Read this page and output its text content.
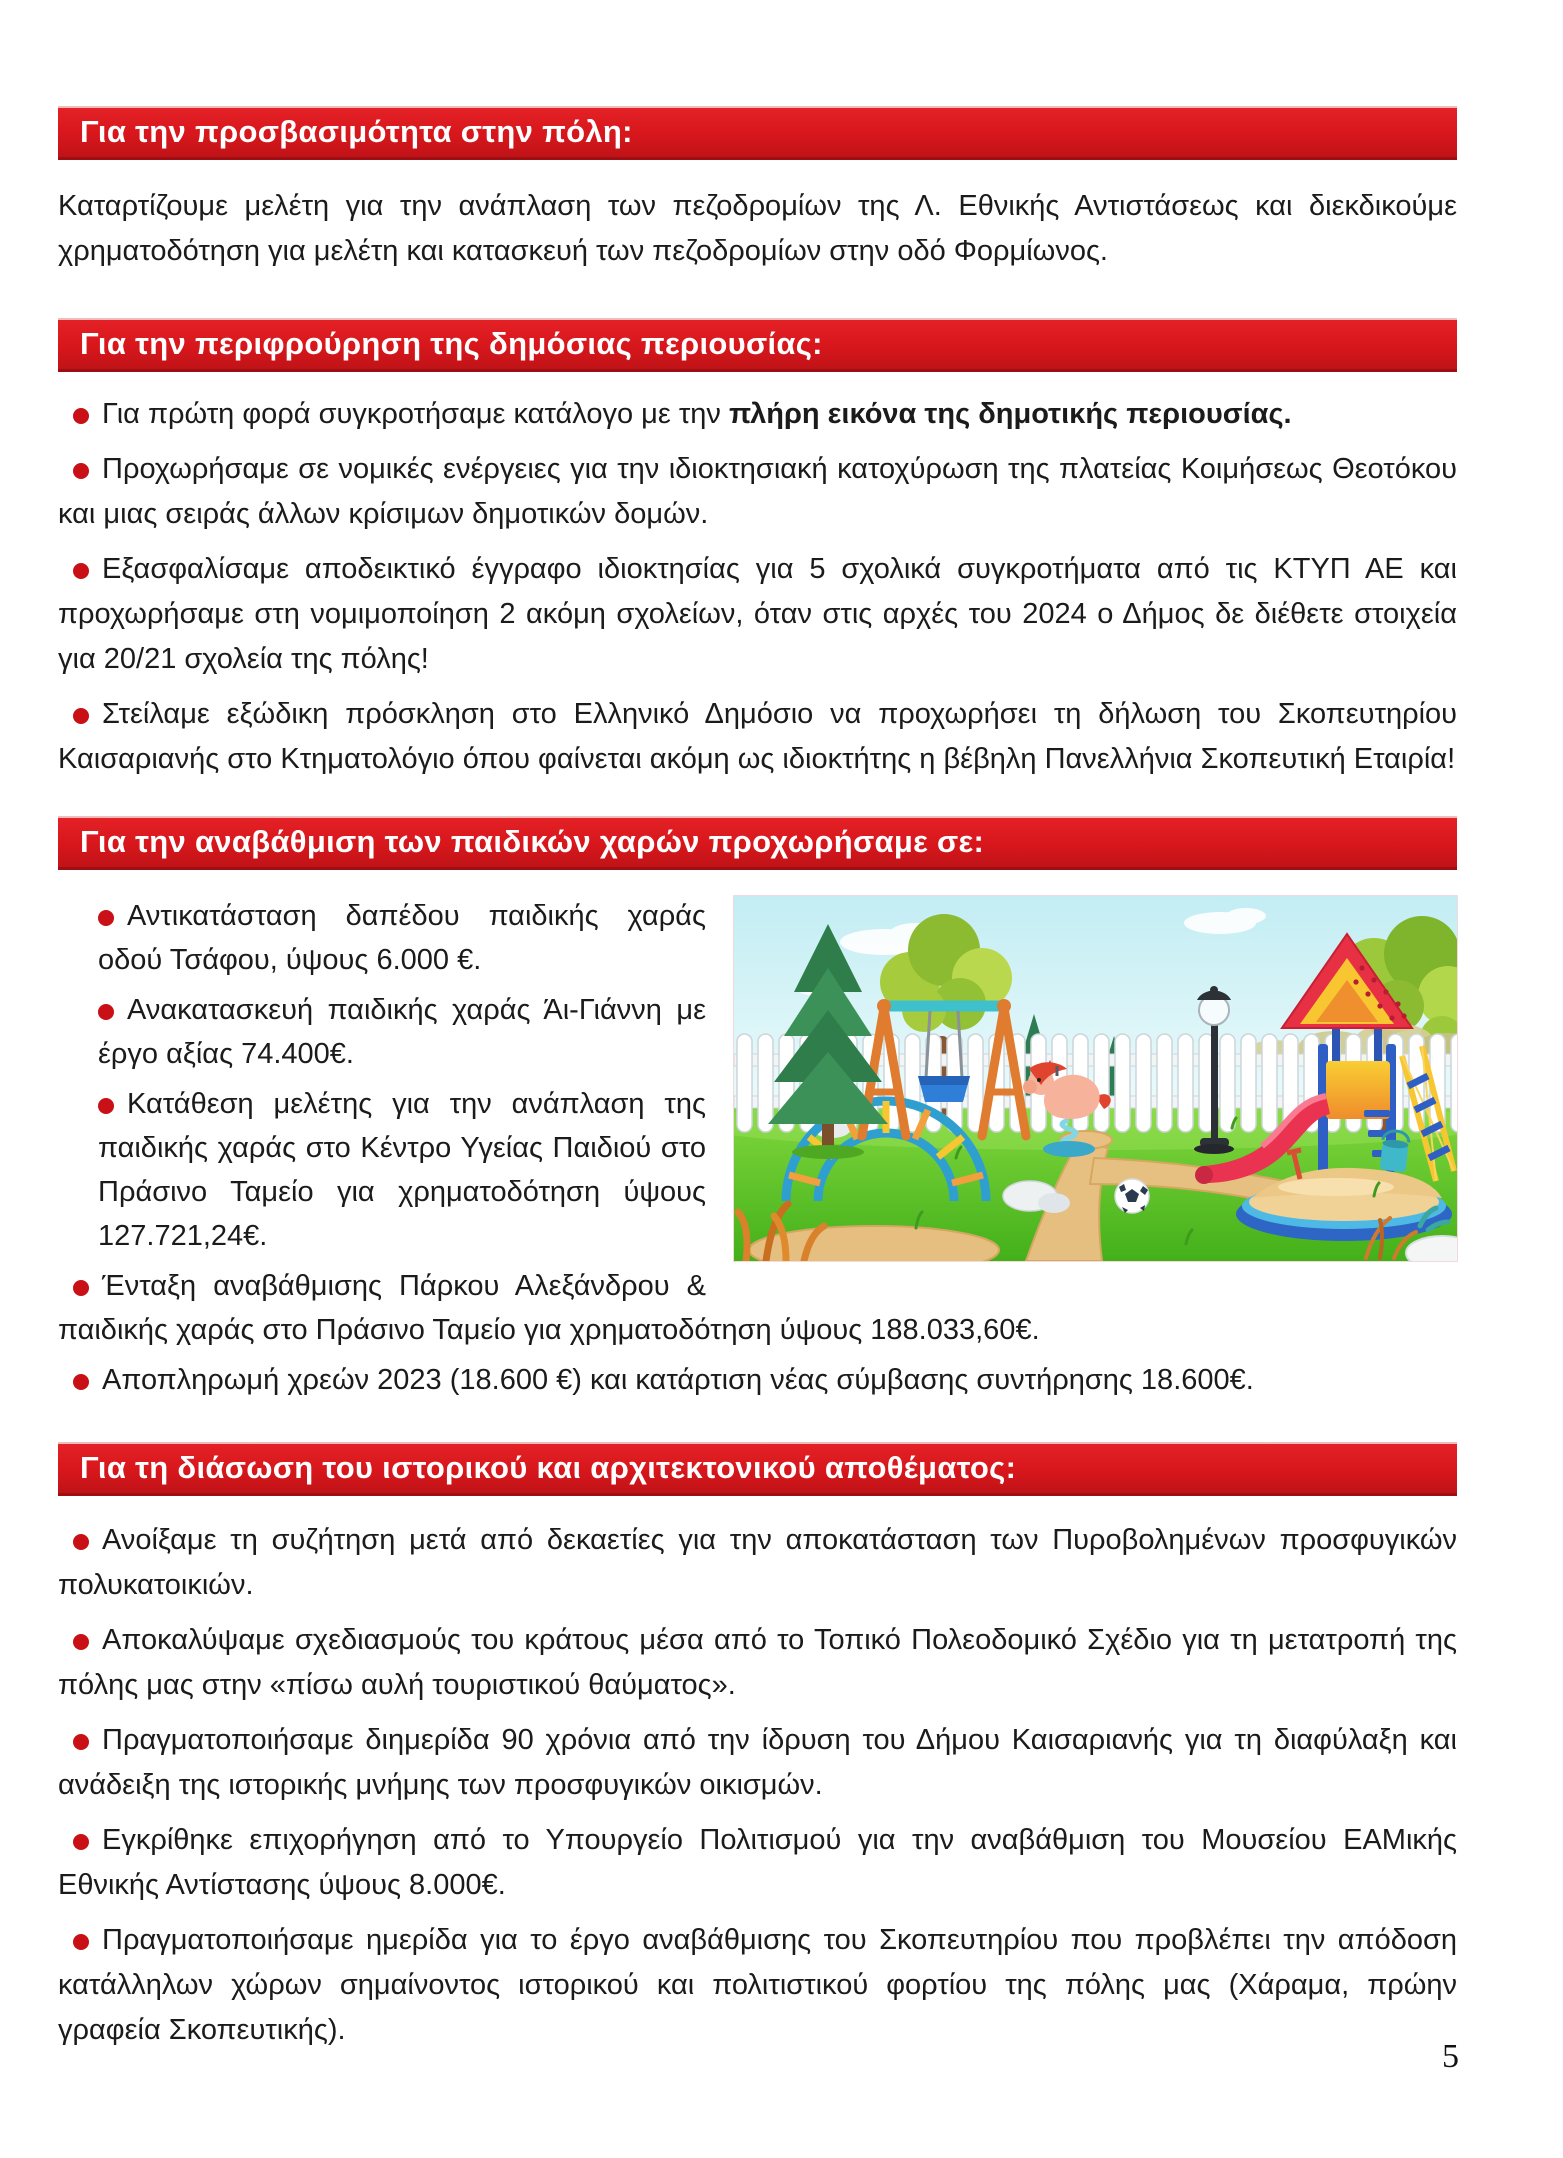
Για την προσβασιμότητα στην πόλη:

Καταρτίζουμε μελέτη για την ανάπλαση των πεζοδρομίων της Λ. Εθνικής Αντιστάσεως και διεκδικούμε χρηματοδότηση για μελέτη και κατασκευή των πεζοδρομίων στην οδό Φορμίωνος.

Για την περιφρούρηση της δημόσιας περιουσίας:

Για πρώτη φορά συγκροτήσαμε κατάλογο με την πλήρη εικόνα της δημοτικής περιουσίας.

Προχωρήσαμε σε νομικές ενέργειες για την ιδιοκτησιακή κατοχύρωση της πλατείας Κοιμήσεως Θεοτόκου και μιας σειράς άλλων κρίσιμων δημοτικών δομών.

Εξασφαλίσαμε αποδεικτικό έγγραφο ιδιοκτησίας για 5 σχολικά συγκροτήματα από τις ΚΤΥΠ ΑΕ και προχωρήσαμε στη νομιμοποίηση 2 ακόμη σχολείων, όταν στις αρχές του 2024 ο Δήμος δε διέθετε στοιχεία για 20/21 σχολεία της πόλης!

Στείλαμε εξώδικη πρόσκληση στο Ελληνικό Δημόσιο να προχωρήσει τη δήλωση του Σκοπευτηρίου Καισαριανής στο Κτηματολόγιο όπου φαίνεται ακόμη ως ιδιοκτήτης η βέβηλη Πανελλήνια Σκοπευτική Εταιρία!

Για την αναβάθμιση των παιδικών χαρών προχωρήσαμε σε:

Αντικατάσταση δαπέδου παιδικής χαράς οδού Τσάφου, ύψους 6.000 €.

Ανακατασκευή παιδικής χαράς Άι-Γιάννη με έργο αξίας 74.400€.

Κατάθεση μελέτης για την ανάπλαση της παιδικής χαράς στο Κέντρο Υγείας Παιδιού στο Πράσινο Ταμείο για χρηματοδότηση ύψους 127.721,24€.

Ένταξη αναβάθμισης Πάρκου Αλεξάνδρου & παιδικής χαράς στο Πράσινο Ταμείο για χρηματοδότηση ύψους 188.033,60€.

Αποπληρωμή χρεών 2023 (18.600 €) και κατάρτιση νέας σύμβασης συντήρησης 18.600€.

Για τη διάσωση του ιστορικού και αρχιτεκτονικού αποθέματος:

Ανοίξαμε τη συζήτηση μετά από δεκαετίες για την αποκατάσταση των Πυροβολημένων προσφυγικών πολυκατοικιών.

Αποκαλύψαμε σχεδιασμούς του κράτους μέσα από το Τοπικό Πολεοδομικό Σχέδιο για τη μετατροπή της πόλης μας στην «πίσω αυλή τουριστικού θαύματος».

Πραγματοποιήσαμε διημερίδα 90 χρόνια από την ίδρυση του Δήμου Καισαριανής για τη διαφύλαξη και ανάδειξη της ιστορικής μνήμης των προσφυγικών οικισμών.

Εγκρίθηκε επιχορήγηση από το Υπουργείο Πολιτισμού για την αναβάθμιση του Μουσείου ΕΑΜικής Εθνικής Αντίστασης ύψους 8.000€.

Πραγματοποιήσαμε ημερίδα για το έργο αναβάθμισης του Σκοπευτηρίου που προβλέπει την απόδοση κατάλληλων χώρων σημαίνοντος ιστορικού και πολιτιστικού φορτίου της πόλης μας (Χάραμα, πρώην γραφεία Σκοπευτικής).

5
